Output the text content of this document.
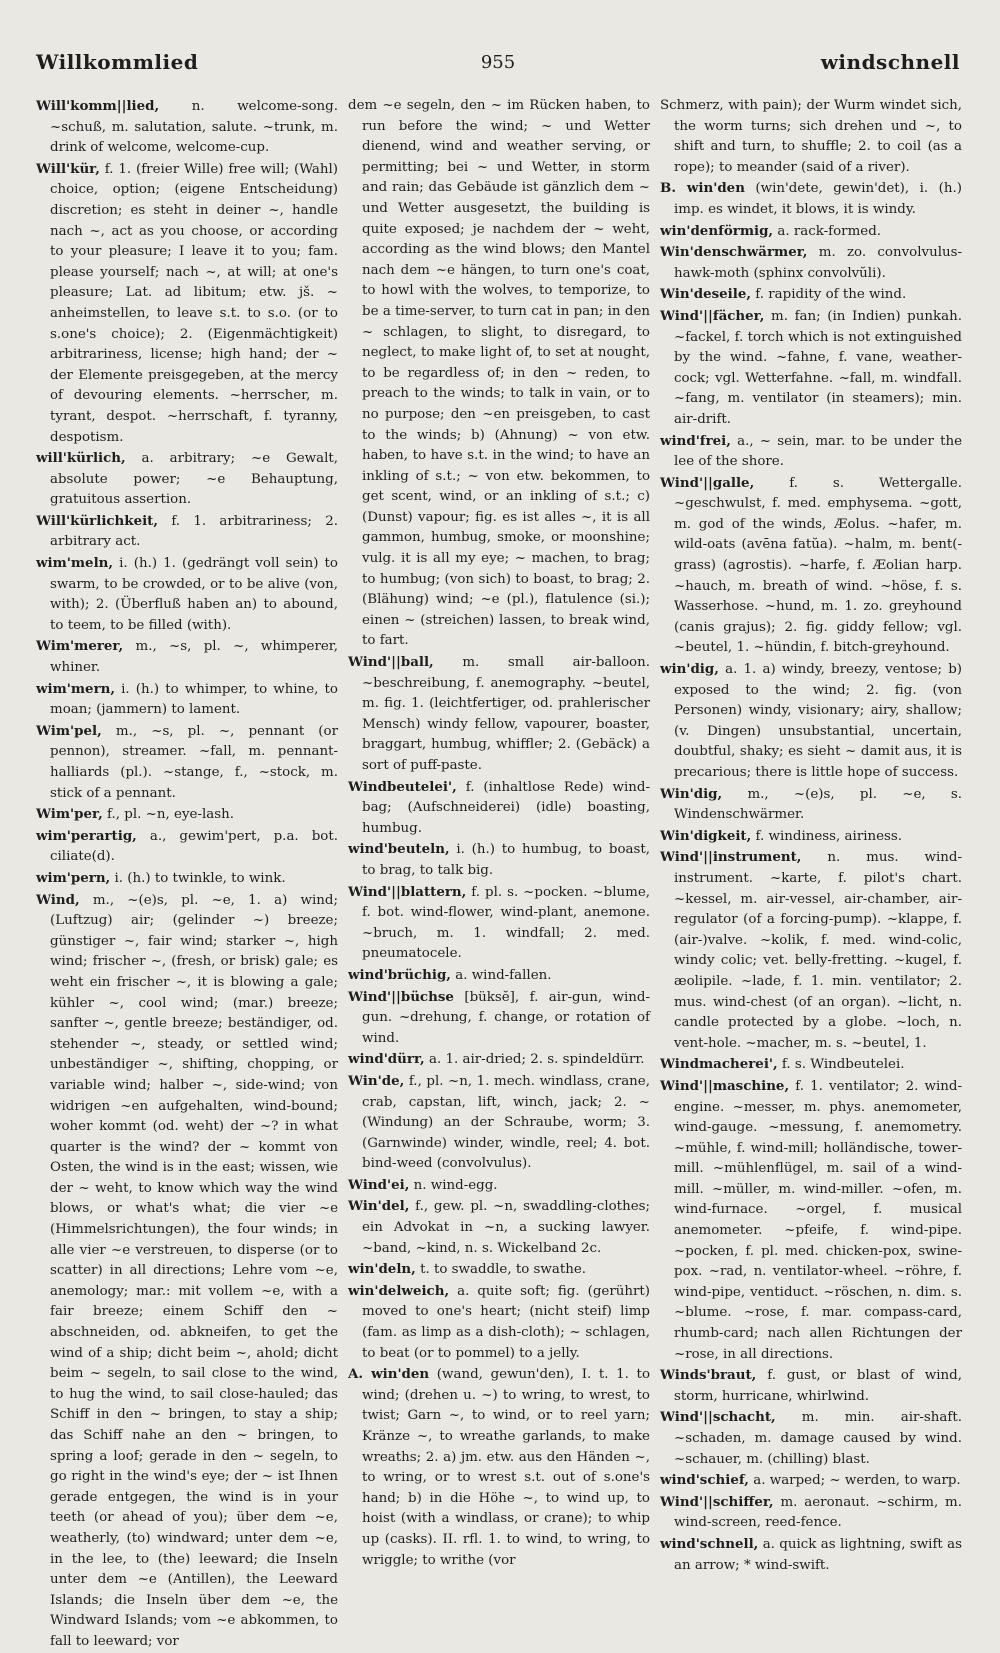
Willkommlied	955	windschnell

Will'komm||lied, n. welcome-song. ~schuß, m. salutation, salute. ~trunk, m. drink of welcome, welcome-cup.

Will'kür, f. 1. (freier Wille) free will; (Wahl) choice, option; (eigene Entscheidung) discretion; es steht in deiner ~, handle nach ~, act as you choose, or according to your pleasure; I leave it to you; fam. please yourself; nach ~, at will; at one's pleasure; Lat. ad libitum; etw. jš. ~ anheimstellen, to leave s.t. to s.o. (or to s.one's choice); 2. (Eigenmächtigkeit) arbitrariness, license; high hand; der ~ der Elemente preisgegeben, at the mercy of devouring elements. ~herrscher, m. tyrant, despot. ~herrschaft, f. tyranny, despotism.

will'kürlich, a. arbitrary; ~e Gewalt, absolute power; ~e Behauptung, gratuitous assertion.

Will'kürlichkeit, f. 1. arbitrariness; 2. arbitrary act.

wim'meln, i. (h.) 1. (gedrängt voll sein) to swarm, to be crowded, or to be alive (von, with); 2. (Überfluß haben an) to abound, to teem, to be filled (with).

Wim'merer, m., ~s, pl. ~, whimperer, whiner.

wim'mern, i. (h.) to whimper, to whine, to moan; (jammern) to lament.

Wim'pel, m., ~s, pl. ~, pennant (or pennon), streamer. ~fall, m. pennant-halliards (pl.). ~stange, f., ~stock, m. stick of a pennant.

Wim'per, f., pl. ~n, eye-lash.

wim'perartig, a., gewim'pert, p.a. bot. ciliate(d).

wim'pern, i. (h.) to twinkle, to wink.

Wind, m., ~(e)s, pl. ~e, 1. a) wind; (Luftzug) air; (gelinder ~) breeze; günstiger ~, fair wind; starker ~, high wind; frischer ~, (fresh, or brisk) gale; es weht ein frischer ~, it is blowing a gale; kühler ~, cool wind; (mar.) breeze; sanfter ~, gentle breeze; beständiger, od. stehender ~, steady, or settled wind; unbeständiger ~, shifting, chopping, or variable wind; halber ~, side-wind; von widrigen ~en aufgehalten, wind-bound; woher kommt (od. weht) der ~? in what quarter is the wind? der ~ kommt von Osten, the wind is in the east; wissen, wie der ~ weht, to know which way the wind blows, or what's what; die vier ~e (Himmelsrichtungen), the four winds; in alle vier ~e verstreuen, to disperse (or to scatter) in all directions; Lehre vom ~e, anemology; mar.: mit vollem ~e, with a fair breeze; einem Schiff den ~ abschneiden, od. abkneifen, to get the wind of a ship; dicht beim ~, ahold; dicht beim ~ segeln, to sail close to the wind, to hug the wind, to sail close-hauled; das Schiff in den ~ bringen, to stay a ship; das Schiff nahe an den ~ bringen, to spring a loof; gerade in den ~ segeln, to go right in the wind's eye; der ~ ist Ihnen gerade entgegen, the wind is in your teeth (or ahead of you); über dem ~e, weatherly, (to) windward; unter dem ~e, in the lee, to (the) leeward; die Inseln unter dem ~e (Antillen), the Leeward Islands; die Inseln über dem ~e, the Windward Islands; vom ~e abkommen, to fall to leeward; vor

dem ~e segeln, den ~ im Rücken haben, to run before the wind; ~ und Wetter dienend, wind and weather serving, or permitting; bei ~ und Wetter, in storm and rain; das Gebäude ist gänzlich dem ~ und Wetter ausgesetzt, the building is quite exposed; je nachdem der ~ weht, according as the wind blows; den Mantel nach dem ~e hängen, to turn one's coat, to howl with the wolves, to temporize, to be a time-server, to turn cat in pan; in den ~ schlagen, to slight, to disregard, to neglect, to make light of, to set at nought, to be regardless of; in den ~ reden, to preach to the winds; to talk in vain, or to no purpose; den ~en preisgeben, to cast to the winds; b) (Ahnung) ~ von etw. haben, to have s.t. in the wind; to have an inkling of s.t.; ~ von etw. bekommen, to get scent, wind, or an inkling of s.t.; c) (Dunst) vapour; fig. es ist alles ~, it is all gammon, humbug, smoke, or moonshine; vulg. it is all my eye; ~ machen, to brag; to humbug; (von sich) to boast, to brag; 2. (Blähung) wind; ~e (pl.), flatulence (si.); einen ~ (streichen) lassen, to break wind, to fart.

Wind'||ball, m. small air-balloon. ~beschreibung, f. anemography. ~beutel, m. fig. 1. (leichtfertiger, od. prahlerischer Mensch) windy fellow, vapourer, boaster, braggart, humbug, whiffler; 2. (Gebäck) a sort of puff-paste.

Windbeutelei', f. (inhaltlose Rede) wind-bag; (Aufschneiderei) (idle) boasting, humbug.

wind'beuteln, i. (h.) to humbug, to boast, to brag, to talk big.

Wind'||blattern, f. pl. s. ~pocken. ~blume, f. bot. wind-flower, wind-plant, anemone. ~bruch, m. 1. windfall; 2. med. pneumatocele.

wind'brüchig, a. wind-fallen.

Wind'||büchse [büksĕ], f. air-gun, wind-gun. ~drehung, f. change, or rotation of wind.

wind'dürr, a. 1. air-dried; 2. s. spindeldürr.

Win'de, f., pl. ~n, 1. mech. windlass, crane, crab, capstan, lift, winch, jack; 2. ~ (Windung) an der Schraube, worm; 3. (Garnwinde) winder, windle, reel; 4. bot. bind-weed (convolvulus).

Wind'ei, n. wind-egg.

Win'del, f., gew. pl. ~n, swaddling-clothes; ein Advokat in ~n, a sucking lawyer. ~band, ~kind, n. s. Wickelband 2c.

win'deln, t. to swaddle, to swathe.

win'delweich, a. quite soft; fig. (gerührt) moved to one's heart; (nicht steif) limp (fam. as limp as a dish-cloth); ~ schlagen, to beat (or to pommel) to a jelly.

A. win'den (wand, gewun'den), I. t. 1. to wind; (drehen u. ~) to wring, to wrest, to twist; Garn ~, to wind, or to reel yarn; Kränze ~, to wreathe garlands, to make wreaths; 2. a) jm. etw. aus den Händen ~, to wring, or to wrest s.t. out of s.one's hand; b) in die Höhe ~, to wind up, to hoist (with a windlass, or crane); to whip up (casks). II. rfl. 1. to wind, to wring, to wriggle; to writhe (vor

Schmerz, with pain); der Wurm windet sich, the worm turns; sich drehen und ~, to shift and turn, to shuffle; 2. to coil (as a rope); to meander (said of a river).

B. win'den (win'dete, gewin'det), i. (h.) imp. es windet, it blows, it is windy.

win'denförmig, a. rack-formed.

Win'denschwärmer, m. zo. convolvulus-hawk-moth (sphinx convolvŭli).

Win'deseile, f. rapidity of the wind.

Wind'||fächer, m. fan; (in Indien) punkah. ~fackel, f. torch which is not extinguished by the wind. ~fahne, f. vane, weather-cock; vgl. Wetterfahne. ~fall, m. windfall. ~fang, m. ventilator (in steamers); min. air-drift.

wind'frei, a., ~ sein, mar. to be under the lee of the shore.

Wind'||galle, f. s. Wettergalle. ~geschwulst, f. med. emphysema. ~gott, m. god of the winds, Æolus. ~hafer, m. wild-oats (avēna fatŭa). ~halm, m. bent(-grass) (agrostis). ~harfe, f. Æolian harp. ~hauch, m. breath of wind. ~höse, f. s. Wasserhose. ~hund, m. 1. zo. greyhound (canis grajus); 2. fig. giddy fellow; vgl. ~beutel, 1. ~hündin, f. bitch-greyhound.

win'dig, a. 1. a) windy, breezy, ventose; b) exposed to the wind; 2. fig. (von Personen) windy, visionary; airy, shallow; (v. Dingen) unsubstantial, uncertain, doubtful, shaky; es sieht ~ damit aus, it is precarious; there is little hope of success.

Win'dig, m., ~(e)s, pl. ~e, s. Windenschwärmer.

Win'digkeit, f. windiness, airiness.

Wind'||instrument, n. mus. wind-instrument. ~karte, f. pilot's chart. ~kessel, m. air-vessel, air-chamber, air-regulator (of a forcing-pump). ~klappe, f. (air-)valve. ~kolik, f. med. wind-colic, windy colic; vet. belly-fretting. ~kugel, f. æolipile. ~lade, f. 1. min. ventilator; 2. mus. wind-chest (of an organ). ~licht, n. candle protected by a globe. ~loch, n. vent-hole. ~macher, m. s. ~beutel, 1.

Windmacherei', f. s. Windbeutelei.

Wind'||maschine, f. 1. ventilator; 2. wind-engine. ~messer, m. phys. anemometer, wind-gauge. ~messung, f. anemometry. ~mühle, f. wind-mill; holländische, tower-mill. ~mühlenflügel, m. sail of a wind-mill. ~müller, m. wind-miller. ~ofen, m. wind-furnace. ~orgel, f. musical anemometer. ~pfeife, f. wind-pipe. ~pocken, f. pl. med. chicken-pox, swine-pox. ~rad, n. ventilator-wheel. ~röhre, f. wind-pipe, ventiduct. ~röschen, n. dim. s. ~blume. ~rose, f. mar. compass-card, rhumb-card; nach allen Richtungen der ~rose, in all directions.

Winds'braut, f. gust, or blast of wind, storm, hurricane, whirlwind.

Wind'||schacht, m. min. air-shaft. ~schaden, m. damage caused by wind. ~schauer, m. (chilling) blast.

wind'schief, a. warped; ~ werden, to warp.

Wind'||schiffer, m. aeronaut. ~schirm, m. wind-screen, reed-fence.

wind'schnell, a. quick as lightning, swift as an arrow; * wind-swift.
